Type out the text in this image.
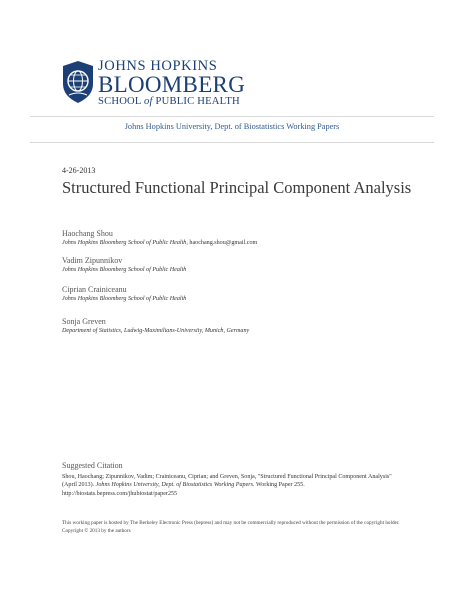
JOHNS HOPKINS
BLOOMBERG
SCHOOL of PUBLIC HEALTH
Johns Hopkins University, Dept. of Biostatistics Working Papers
4-26-2013
Structured Functional Principal Component Analysis
Haochang Shou
Johns Hopkins Bloomberg School of Public Health, haochang.shou@gmail.com
Vadim Zipunnikov
Johns Hopkins Bloomberg School of Public Health
Ciprian Crainiceanu
Johns Hopkins Bloomberg School of Public Health
Sonja Greven
Department of Statistics, Ludwig-Maximilians-University, Munich, Germany
Suggested Citation
Shou, Haochang; Zipunnikov, Vadim; Crainiceanu, Ciprian; and Greven, Sonja, "Structured Functional Principal Component Analysis" (April 2013). Johns Hopkins University, Dept. of Biostatistics Working Papers. Working Paper 255.
http://biostats.bepress.com/jhubiostat/paper255
This working paper is hosted by The Berkeley Electronic Press (bepress) and may not be commercially reproduced without the permission of the copyright holder.
Copyright © 2013 by the authors
